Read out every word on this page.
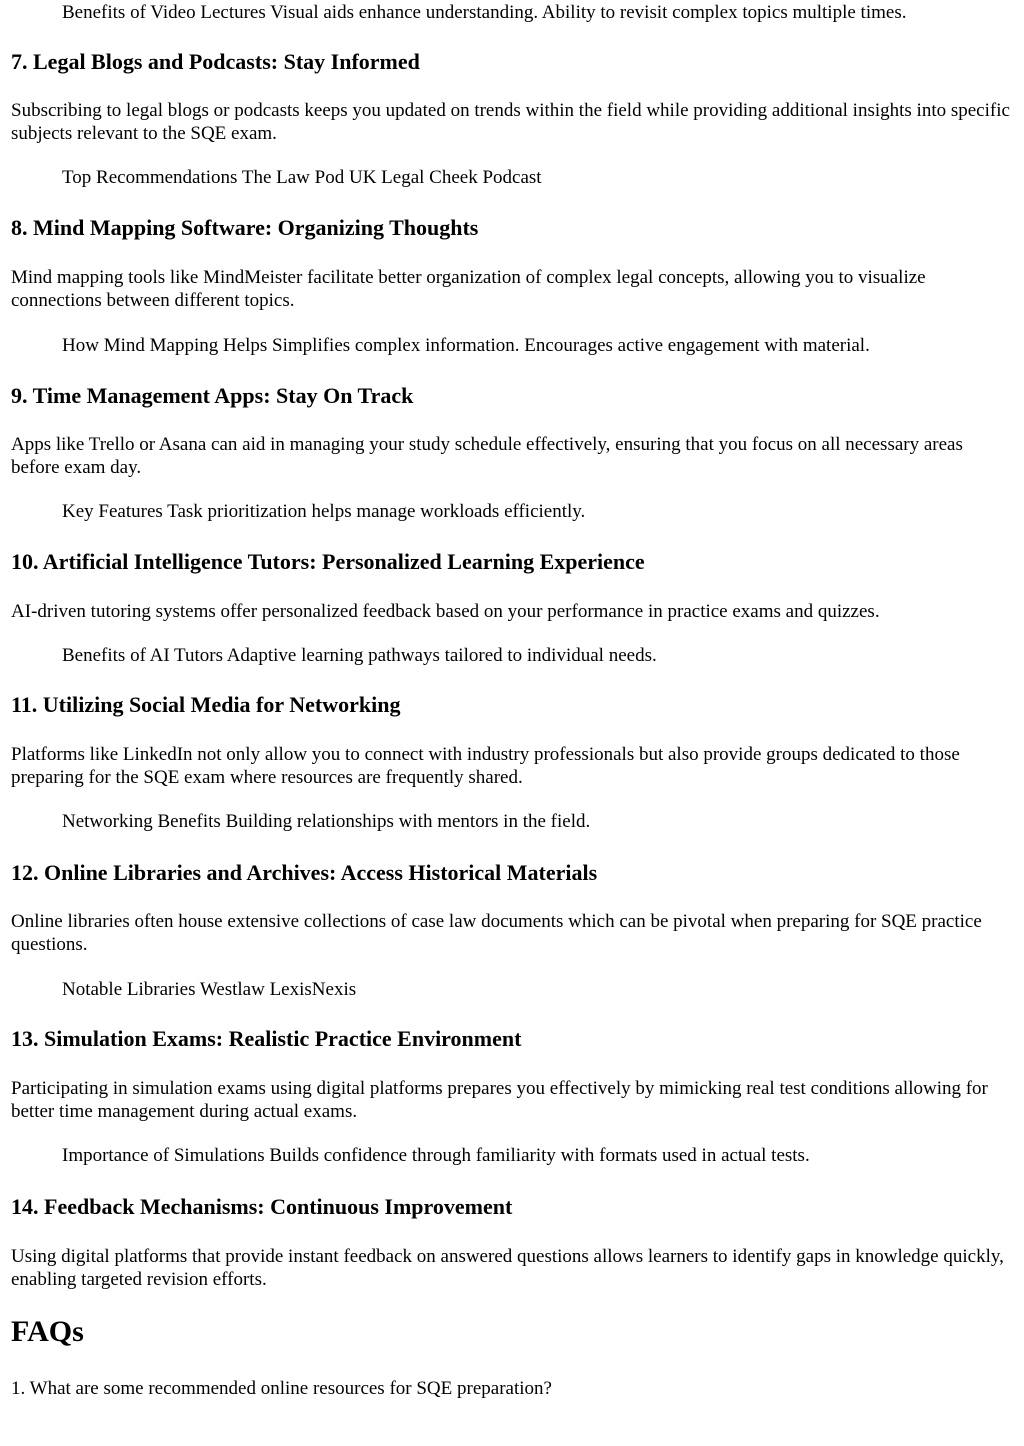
Benefits of Video Lectures Visual aids enhance understanding. Ability to revisit complex topics multiple times.

7. Legal Blogs and Podcasts: Stay Informed

Subscribing to legal blogs or podcasts keeps you updated on trends within the field while providing additional insights into specific subjects relevant to the SQE exam.

Top Recommendations The Law Pod UK Legal Cheek Podcast

8. Mind Mapping Software: Organizing Thoughts

Mind mapping tools like MindMeister facilitate better organization of complex legal concepts, allowing you to visualize connections between different topics.

How Mind Mapping Helps Simplifies complex information. Encourages active engagement with material.

9. Time Management Apps: Stay On Track

Apps like Trello or Asana can aid in managing your study schedule effectively, ensuring that you focus on all necessary areas before exam day.

Key Features Task prioritization helps manage workloads efficiently.

10. Artificial Intelligence Tutors: Personalized Learning Experience

AI-driven tutoring systems offer personalized feedback based on your performance in practice exams and quizzes.

Benefits of AI Tutors Adaptive learning pathways tailored to individual needs.

11. Utilizing Social Media for Networking

Platforms like LinkedIn not only allow you to connect with industry professionals but also provide groups dedicated to those preparing for the SQE exam where resources are frequently shared.

Networking Benefits Building relationships with mentors in the field.

12. Online Libraries and Archives: Access Historical Materials

Online libraries often house extensive collections of case law documents which can be pivotal when preparing for SQE practice questions.

Notable Libraries Westlaw LexisNexis

13. Simulation Exams: Realistic Practice Environment

Participating in simulation exams using digital platforms prepares you effectively by mimicking real test conditions allowing for better time management during actual exams.

Importance of Simulations Builds confidence through familiarity with formats used in actual tests.

14. Feedback Mechanisms: Continuous Improvement

Using digital platforms that provide instant feedback on answered questions allows learners to identify gaps in knowledge quickly, enabling targeted revision efforts.

FAQs

1. What are some recommended online resources for SQE preparation?
